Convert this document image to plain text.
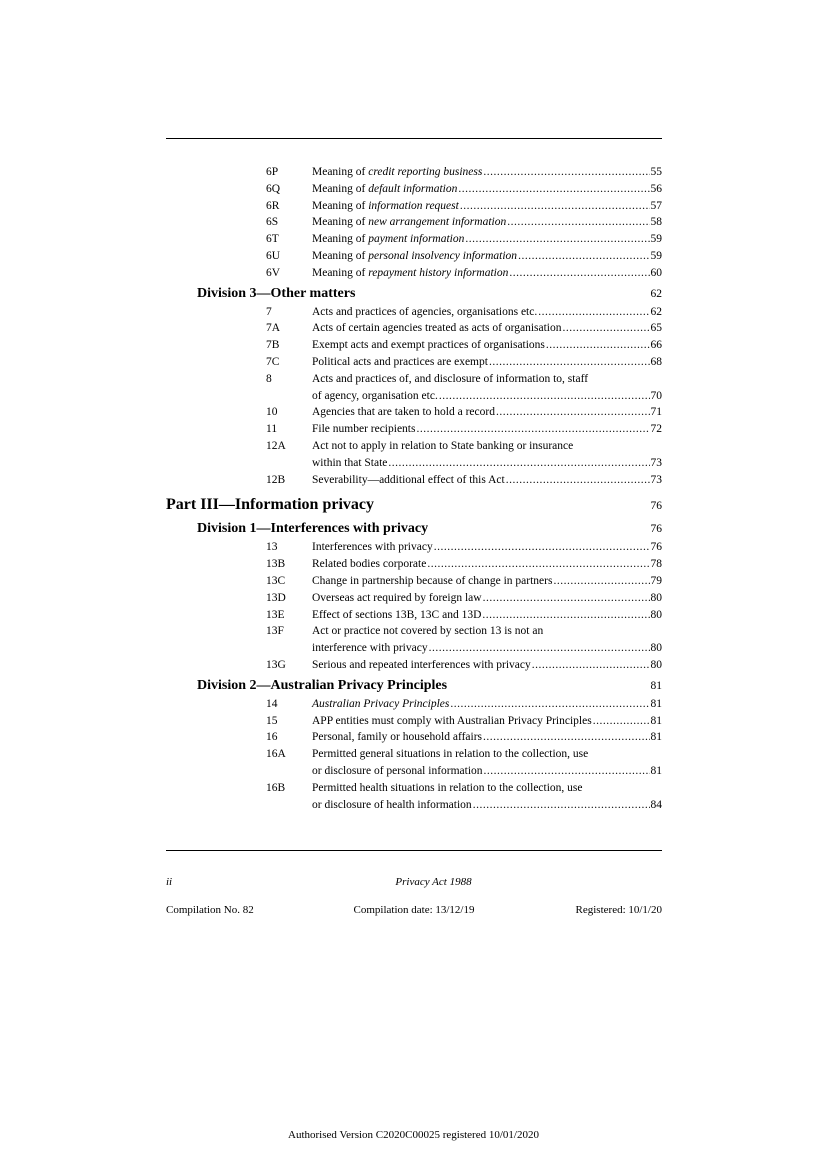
6P	Meaning of credit reporting business .....	55
6Q	Meaning of default information .....	56
6R	Meaning of information request .....	57
6S	Meaning of new arrangement information .....	58
6T	Meaning of payment information .....	59
6U	Meaning of personal insolvency information .....	59
6V	Meaning of repayment history information .....	60
Division 3—Other matters	62
7	Acts and practices of agencies, organisations etc. .....	62
7A	Acts of certain agencies treated as acts of organisation .....	65
7B	Exempt acts and exempt practices of organisations .....	66
7C	Political acts and practices are exempt .....	68
8	Acts and practices of, and disclosure of information to, staff
of agency, organisation etc. .....	70
10	Agencies that are taken to hold a record .....	71
11	File number recipients .....	72
12A Act not to apply in relation to State banking or insurance
within that State .....	73
12B Severability—additional effect of this Act .....	73
Part III—Information privacy	76
Division 1—Interferences with privacy	76
13	Interferences with privacy .....	76
13B Related bodies corporate .....	78
13C Change in partnership because of change in partners .....	79
13D Overseas act required by foreign law .....	80
13E Effect of sections 13B, 13C and 13D .....	80
13F Act or practice not covered by section 13 is not an
interference with privacy .....	80
13G Serious and repeated interferences with privacy .....	80
Division 2—Australian Privacy Principles	81
14	Australian Privacy Principles .....	81
15	APP entities must comply with Australian Privacy Principles .....	81
16	Personal, family or household affairs .....	81
16A Permitted general situations in relation to the collection, use
or disclosure of personal information .....	81
16B Permitted health situations in relation to the collection, use
or disclosure of health information .....	84
ii	Privacy Act 1988
Compilation No. 82	Compilation date: 13/12/19	Registered: 10/1/20
Authorised Version C2020C00025 registered 10/01/2020
